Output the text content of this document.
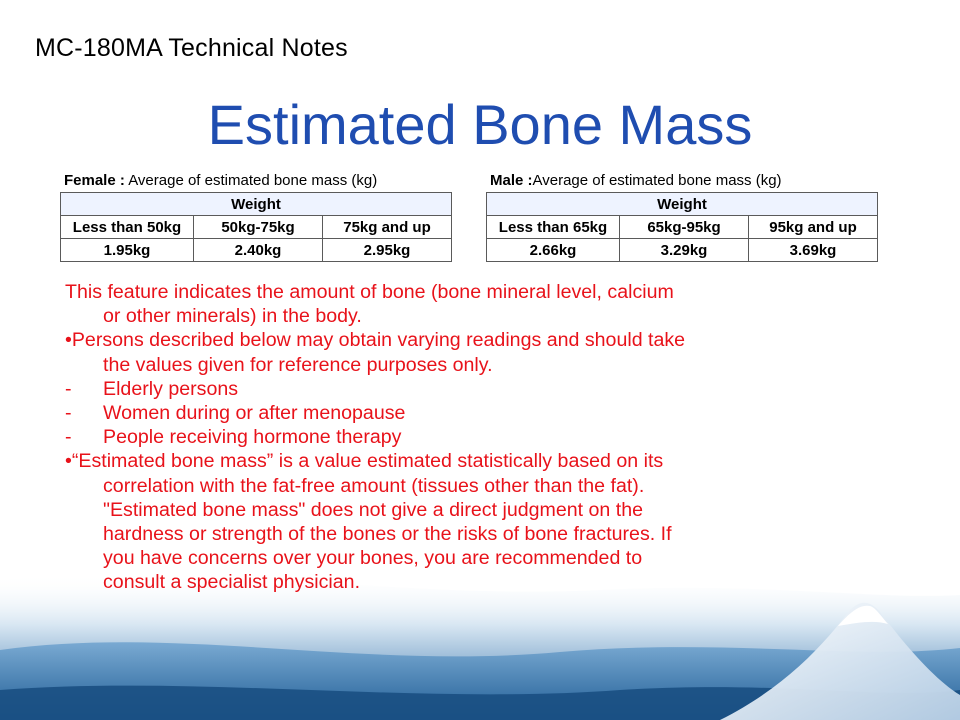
MC-180MA Technical Notes
Estimated Bone Mass
Female : Average of estimated bone mass (kg)
Weight		
Less than 50kg	50kg-75kg	75kg and up
1.95kg	2.40kg	2.95kg
Male :Average of estimated bone mass (kg)
Weight		
Less than 65kg	65kg-95kg	95kg and up
2.66kg	3.29kg	3.69kg

This feature indicates the amount of bone (bone mineral level, calcium

or other minerals) in the body.

•Persons described below may obtain varying readings and should take

the values given for reference purposes only.

- Elderly persons

- Women during or after menopause

- People receiving hormone therapy

•“Estimated bone mass” is a value estimated statistically based on its

correlation with the fat-free amount (tissues other than the fat).

"Estimated bone mass" does not give a direct judgment on the

hardness or strength of the bones or the risks of bone fractures. If

you have concerns over your bones, you are recommended to

consult a specialist physician.
